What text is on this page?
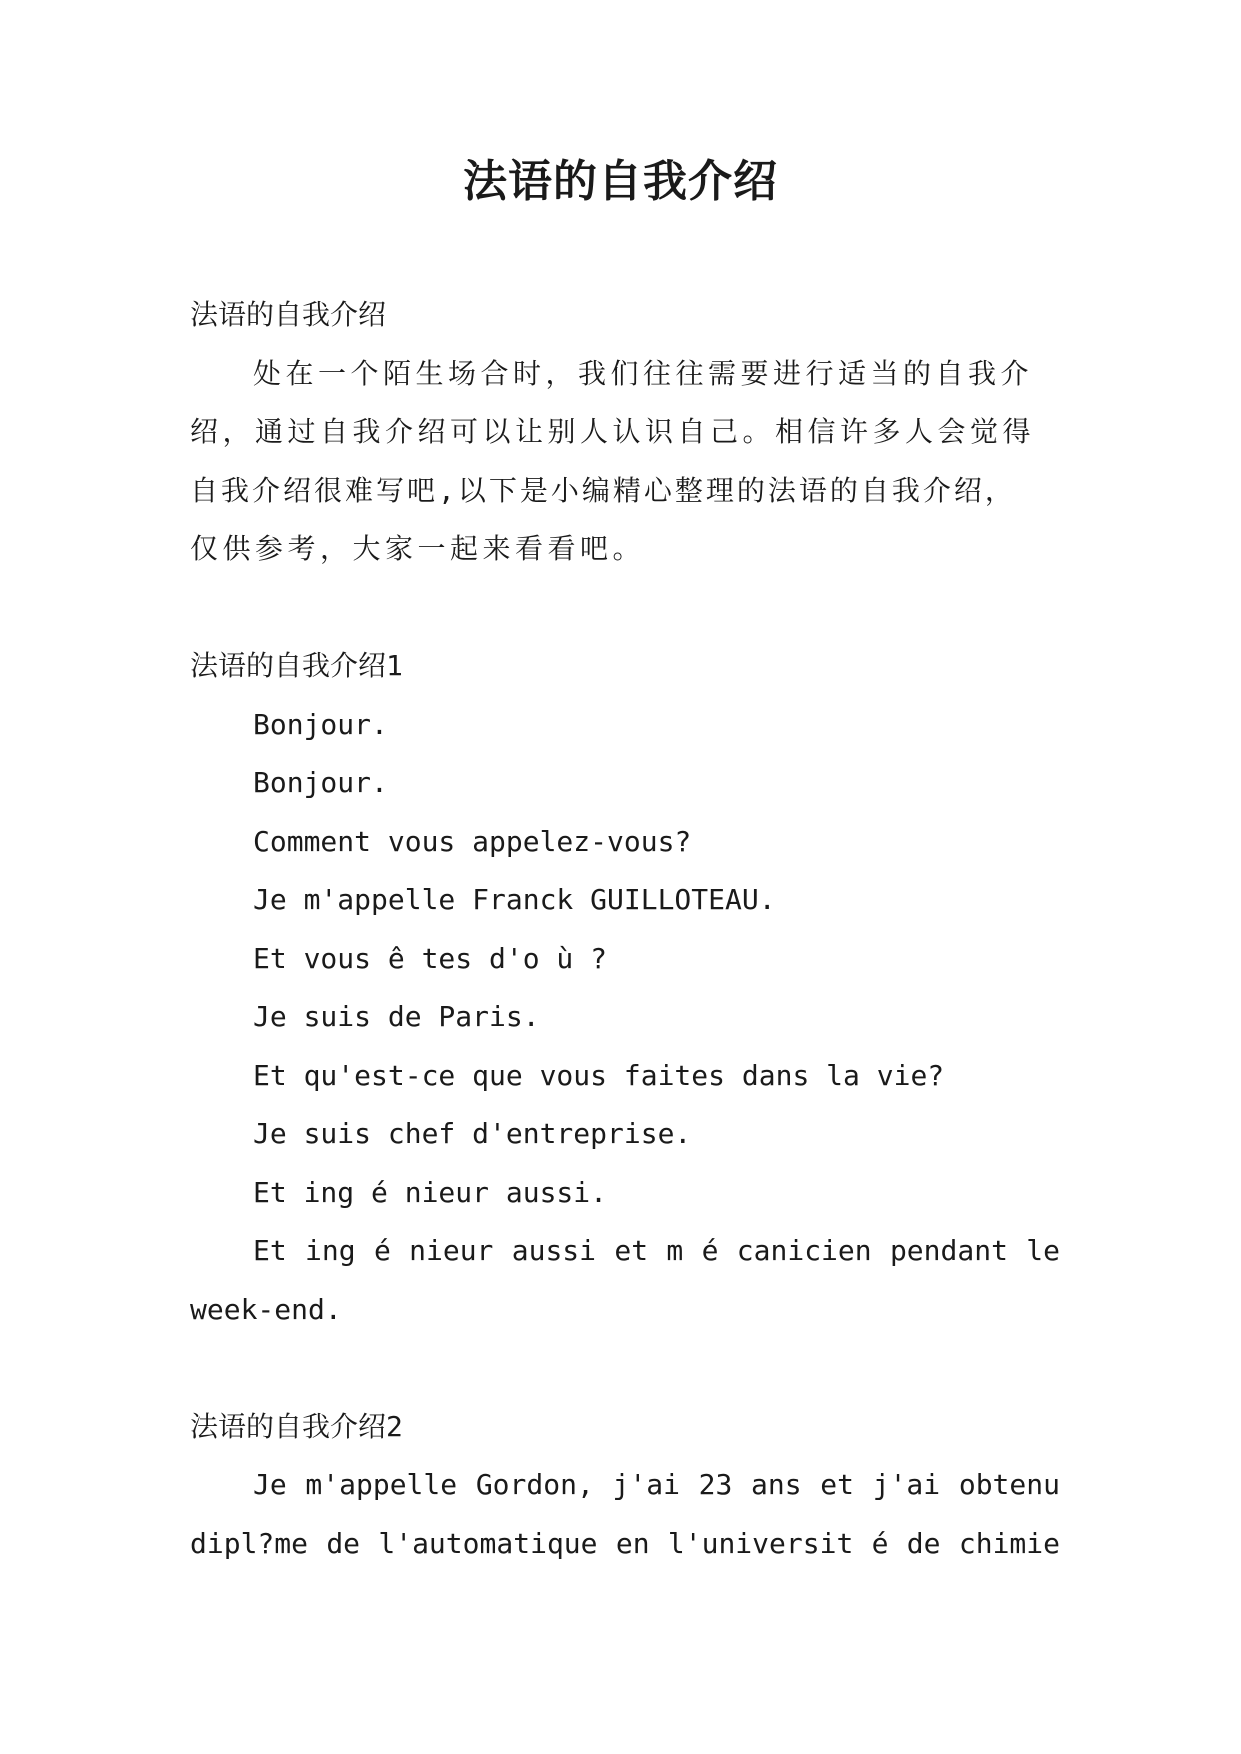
法语的自我介绍
法语的自我介绍
处在一个陌生场合时，我们往往需要进行适当的自我介
绍，通过自我介绍可以让别人认识自己。相信许多人会觉得
自我介绍很难写吧,以下是小编精心整理的法语的自我介绍，
仅供参考，大家一起来看看吧。
法语的自我介绍1
Bonjour.
Bonjour.
Comment vous appelez-vous?
Je m'appelle Franck GUILLOTEAU.
Et vous ê tes d'o ù ?
Je suis de Paris.
Et qu'est-ce que vous faites dans la vie?
Je suis chef d'entreprise.
Et ing é nieur aussi.
Et ing é nieur aussi et m é canicien pendant le
week-end.
法语的自我介绍2
Je m'appelle Gordon, j'ai 23 ans et j'ai obtenu
dipl?me de l'automatique en l'universit é de chimie
